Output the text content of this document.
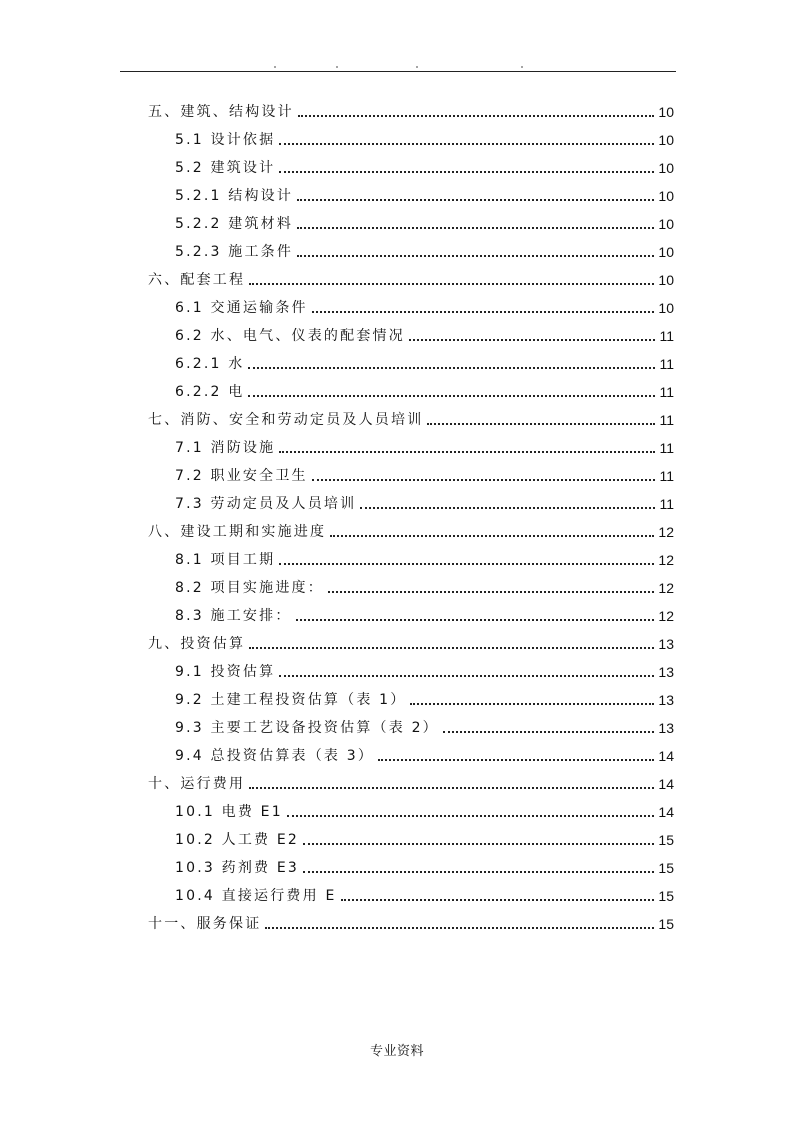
五、建筑、结构设计	10
5.1 设计依据	10
5.2 建筑设计	10
5.2.1 结构设计	10
5.2.2 建筑材料	10
5.2.3 施工条件	10
六、配套工程	10
6.1 交通运输条件	10
6.2 水、电气、仪表的配套情况	11
6.2.1 水	11
6.2.2 电	11
七、消防、安全和劳动定员及人员培训	11
7.1 消防设施	11
7.2 职业安全卫生	11
7.3 劳动定员及人员培训	11
八、建设工期和实施进度	12
8.1 项目工期	12
8.2 项目实施进度：	12
8.3 施工安排：	12
九、投资估算	13
9.1 投资估算	13
9.2 土建工程投资估算（表 1）	13
9.3 主要工艺设备投资估算（表 2）	13
9.4 总投资估算表（表 3）	14
十、运行费用	14
10.1 电费 E1	14
10.2 人工费 E2	15
10.3 药剂费 E3	15
10.4 直接运行费用 E	15
十一、服务保证	15
专业资料
